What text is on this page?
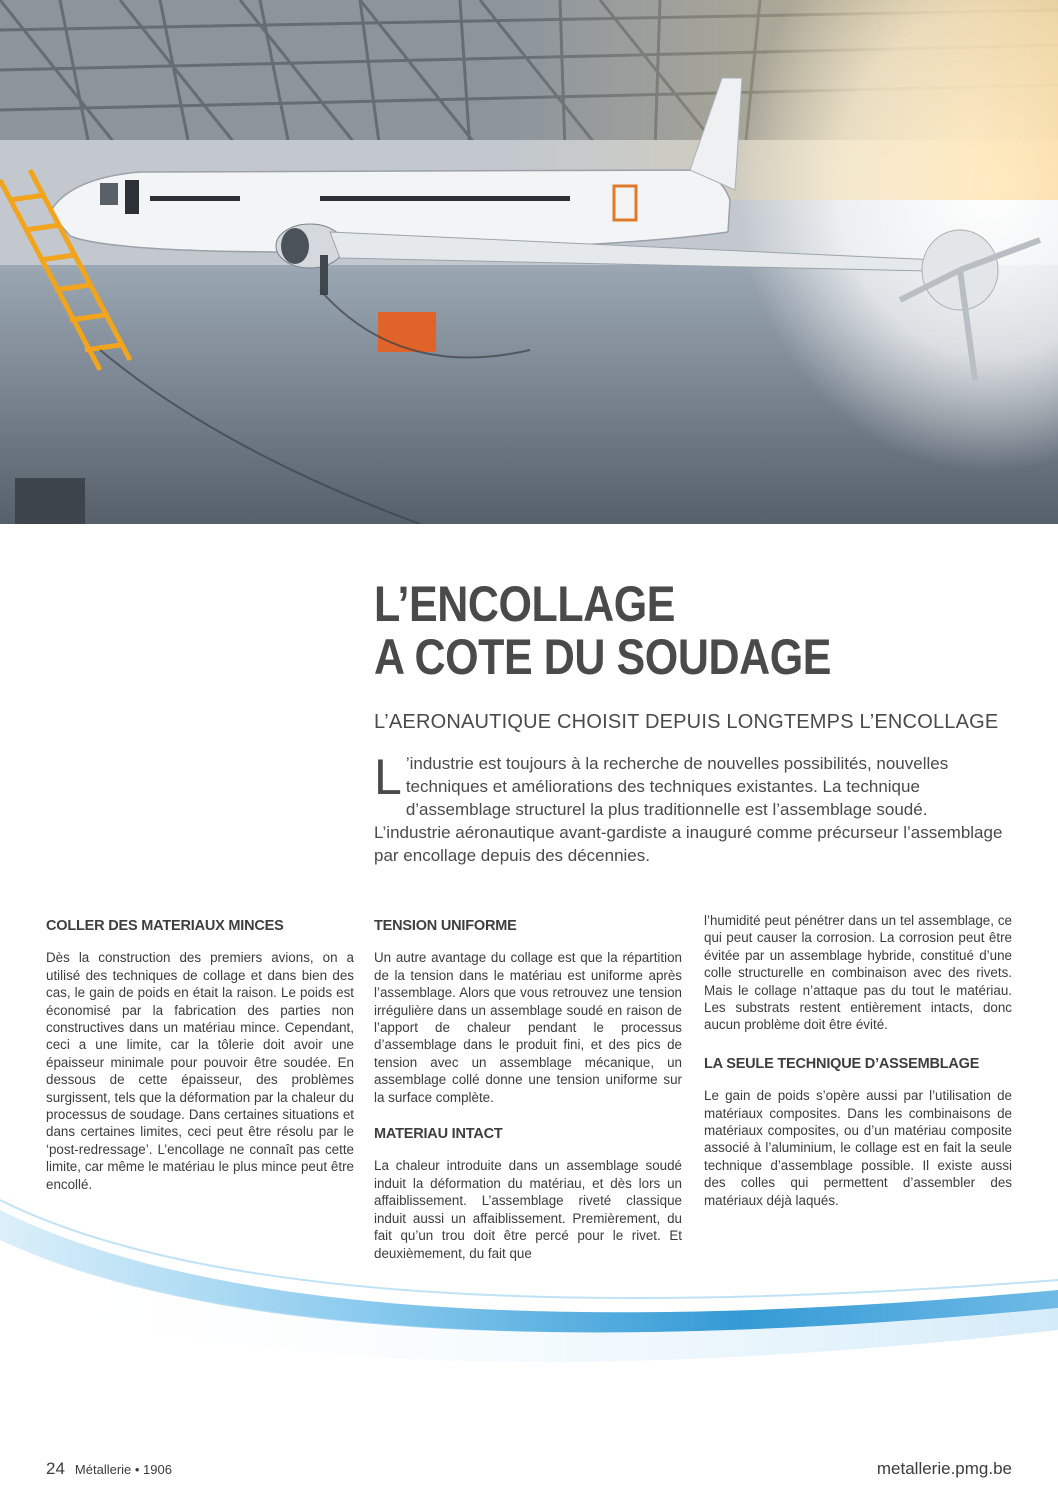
L’ENCOLLAGE
A COTE DU SOUDAGE
L’AERONAUTIQUE CHOISIT DEPUIS LONGTEMPS L’ENCOLLAGE

L ’industrie est toujours à la recherche de nouvelles possibilités, nouvelles techniques et améliorations des techniques existantes. La technique d’assemblage structurel la plus traditionnelle est l’assemblage soudé. L’industrie aéronautique avant-gardiste a inauguré comme précurseur l’assemblage par encollage depuis des décennies.

COLLER DES MATERIAUX MINCES

Dès la construction des premiers avions, on a utilisé des techniques de collage et dans bien des cas, le gain de poids en était la raison. Le poids est économisé par la fabrication des parties non constructives dans un matériau mince. Cependant, ceci a une limite, car la tôlerie doit avoir une épaisseur minimale pour pouvoir être soudée. En dessous de cette épaisseur, des problèmes surgissent, tels que la déformation par la chaleur du processus de soudage. Dans certaines situations et dans certaines limites, ceci peut être résolu par le ‘post-redressage’. L’encollage ne connaît pas cette limite, car même le matériau le plus mince peut être encollé.

TENSION UNIFORME

Un autre avantage du collage est que la répartition de la tension dans le matériau est uniforme après l’assemblage. Alors que vous retrouvez une tension irrégulière dans un assemblage soudé en raison de l’apport de chaleur pendant le processus d’assemblage dans le produit fini, et des pics de tension avec un assemblage mécanique, un assemblage collé donne une tension uniforme sur la surface complète.

MATERIAU INTACT

La chaleur introduite dans un assemblage soudé induit la déformation du matériau, et dès lors un affaiblissement. L’assemblage riveté classique induit aussi un affaiblissement. Premièrement, du fait qu’un trou doit être percé pour le rivet. Et deuxièmement, du fait que

l’humidité peut pénétrer dans un tel assemblage, ce qui peut causer la corrosion. La corrosion peut être évitée par un assemblage hybride, constitué d’une colle structurelle en combinaison avec des rivets. Mais le collage n’attaque pas du tout le matériau. Les substrats restent entièrement intacts, donc aucun problème doit être évité.

LA SEULE TECHNIQUE D’ASSEMBLAGE

Le gain de poids s’opère aussi par l’utilisation de matériaux composites. Dans les combinaisons de matériaux composites, ou d’un matériau composite associé à l’aluminium, le collage est en fait la seule technique d’assemblage possible. Il existe aussi des colles qui permettent d’assembler des matériaux déjà laqués.

24 Métallerie • 1906	metallerie.pmg.be
